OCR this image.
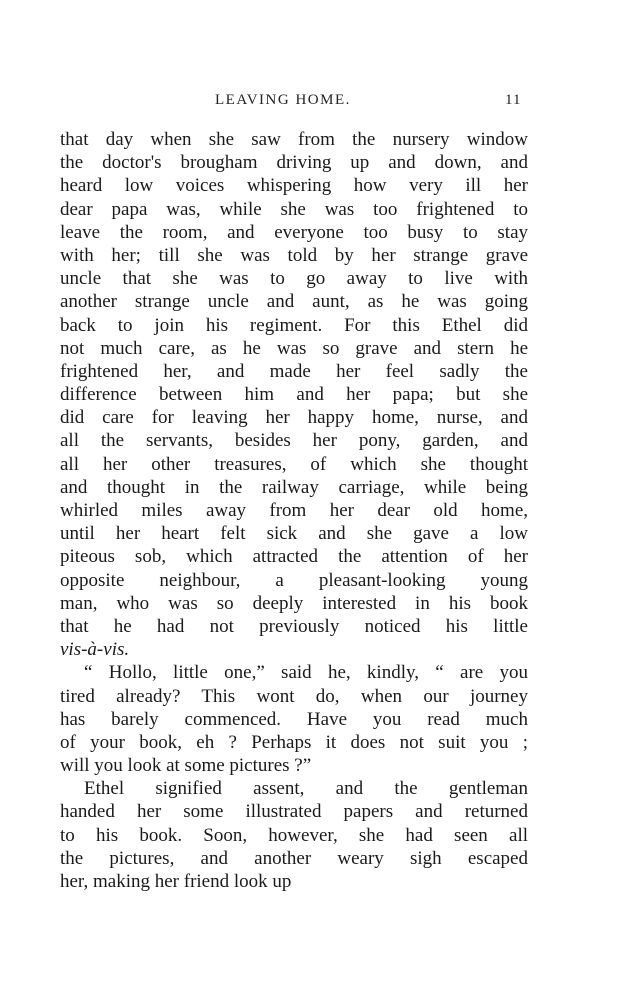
LEAVING HOME.	11
that day when she saw from the nursery window
the doctor's brougham driving up and down, and
heard low voices whispering how very ill her
dear papa was, while she was too frightened to
leave the room, and everyone too busy to stay
with her; till she was told by her strange grave
uncle that she was to go away to live with
another strange uncle and aunt, as he was going
back to join his regiment. For this Ethel did
not much care, as he was so grave and stern he
frightened her, and made her feel sadly the
difference between him and her papa; but she
did care for leaving her happy home, nurse, and
all the servants, besides her pony, garden, and
all her other treasures, of which she thought
and thought in the railway carriage, while being
whirled miles away from her dear old home,
until her heart felt sick and she gave a low
piteous sob, which attracted the attention of her
opposite neighbour, a pleasant-looking young
man, who was so deeply interested in his book
that he had not previously noticed his little
vis-à-vis.
“ Hollo, little one,” said he, kindly, “ are you
tired already? This wont do, when our journey
has barely commenced. Have you read much
of your book, eh ? Perhaps it does not suit you ;
will you look at some pictures ?”
Ethel signified assent, and the gentleman
handed her some illustrated papers and returned
to his book. Soon, however, she had seen all
the pictures, and another weary sigh escaped
her, making her friend look up
